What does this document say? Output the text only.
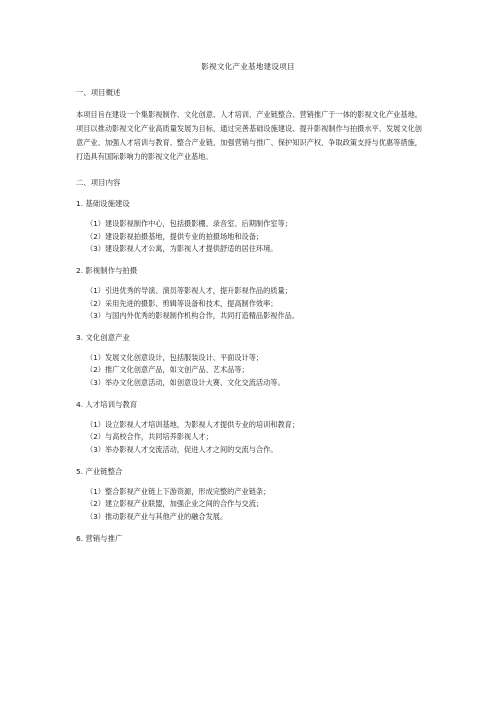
影视文化产业基地建设项目
一、项目概述
本项目旨在建设一个集影视制作、文化创意、人才培训、产业链整合、营销推广于一体的影视文化产业基地。项目以推动影视文化产业高质量发展为目标，通过完善基础设施建设、提升影视制作与拍摄水平、发展文化创意产业、加强人才培训与教育、整合产业链、加强营销与推广、保护知识产权、争取政策支持与优惠等措施，打造具有国际影响力的影视文化产业基地。
二、项目内容
1. 基础设施建设
（1）建设影视制作中心，包括摄影棚、录音室、后期制作室等；
（2）建设影视拍摄基地，提供专业的拍摄场地和设备；
（3）建设影视人才公寓，为影视人才提供舒适的居住环境。
2. 影视制作与拍摄
（1）引进优秀的导演、演员等影视人才，提升影视作品的质量；
（2）采用先进的摄影、剪辑等设备和技术，提高制作效率；
（3）与国内外优秀的影视制作机构合作，共同打造精品影视作品。
3. 文化创意产业
（1）发展文化创意设计，包括服装设计、平面设计等；
（2）推广文化创意产品，如文创产品、艺术品等；
（3）举办文化创意活动，如创意设计大赛、文化交流活动等。
4. 人才培训与教育
（1）设立影视人才培训基地，为影视人才提供专业的培训和教育；
（2）与高校合作，共同培养影视人才；
（3）举办影视人才交流活动，促进人才之间的交流与合作。
5. 产业链整合
（1）整合影视产业链上下游资源，形成完整的产业链条；
（2）建立影视产业联盟，加强企业之间的合作与交流；
（3）推动影视产业与其他产业的融合发展。
6. 营销与推广
